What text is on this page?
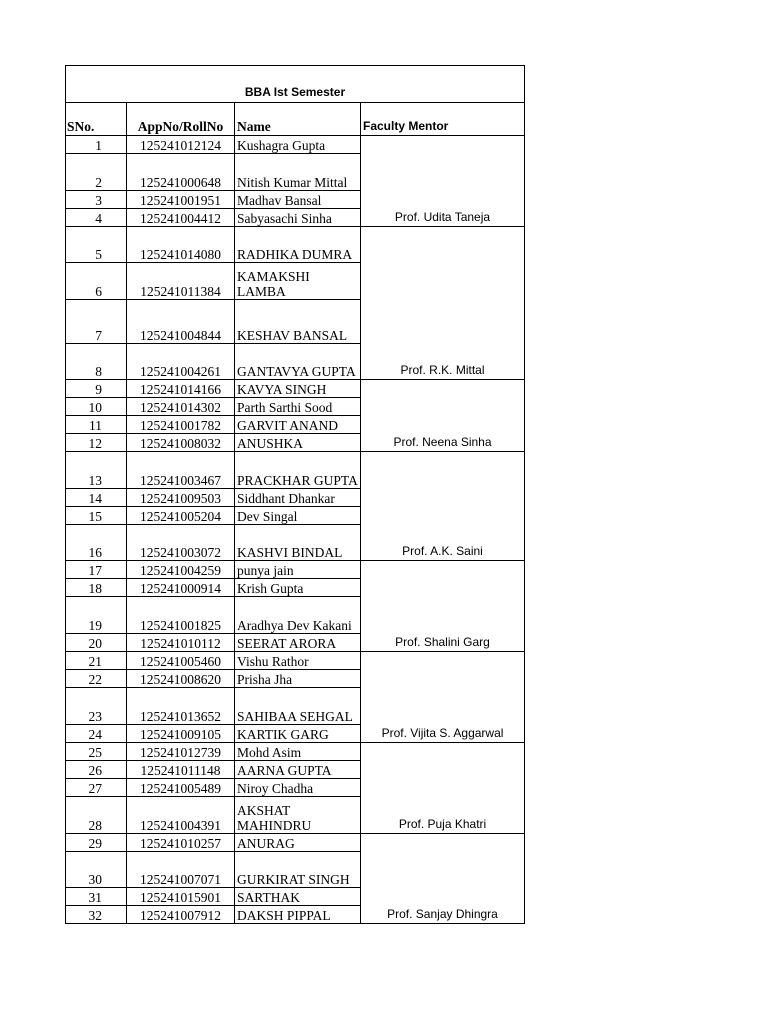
BBA Ist Semester			
SNo.	AppNo/RollNo	Name	Faculty Mentor
1	125241012124	Kushagra Gupta	Prof. Udita Taneja
2	125241000648	Nitish Kumar Mittal	
3	125241001951	Madhav Bansal	
4	125241004412	Sabyasachi Sinha	
5	125241014080	RADHIKA DUMRA	Prof. R.K. Mittal
6	125241011384	KAMAKSHI LAMBA	
7	125241004844	KESHAV BANSAL	
8	125241004261	GANTAVYA GUPTA	
9	125241014166	KAVYA SINGH	Prof. Neena Sinha
10	125241014302	Parth Sarthi Sood	
11	125241001782	GARVIT ANAND	
12	125241008032	ANUSHKA	
13	125241003467	PRACKHAR GUPTA	Prof. A.K. Saini
14	125241009503	Siddhant Dhankar	
15	125241005204	Dev Singal	
16	125241003072	KASHVI BINDAL	
17	125241004259	punya jain	Prof. Shalini Garg
18	125241000914	Krish Gupta	
19	125241001825	Aradhya Dev Kakani	
20	125241010112	SEERAT ARORA	
21	125241005460	Vishu Rathor	Prof. Vijita S. Aggarwal
22	125241008620	Prisha Jha	
23	125241013652	SAHIBAA SEHGAL	
24	125241009105	KARTIK GARG	
25	125241012739	Mohd Asim	Prof. Puja Khatri
26	125241011148	AARNA GUPTA	
27	125241005489	Niroy Chadha	
28	125241004391	AKSHAT MAHINDRU	
29	125241010257	ANURAG	Prof. Sanjay Dhingra
30	125241007071	GURKIRAT SINGH	
31	125241015901	SARTHAK	
32	125241007912	DAKSH PIPPAL	
